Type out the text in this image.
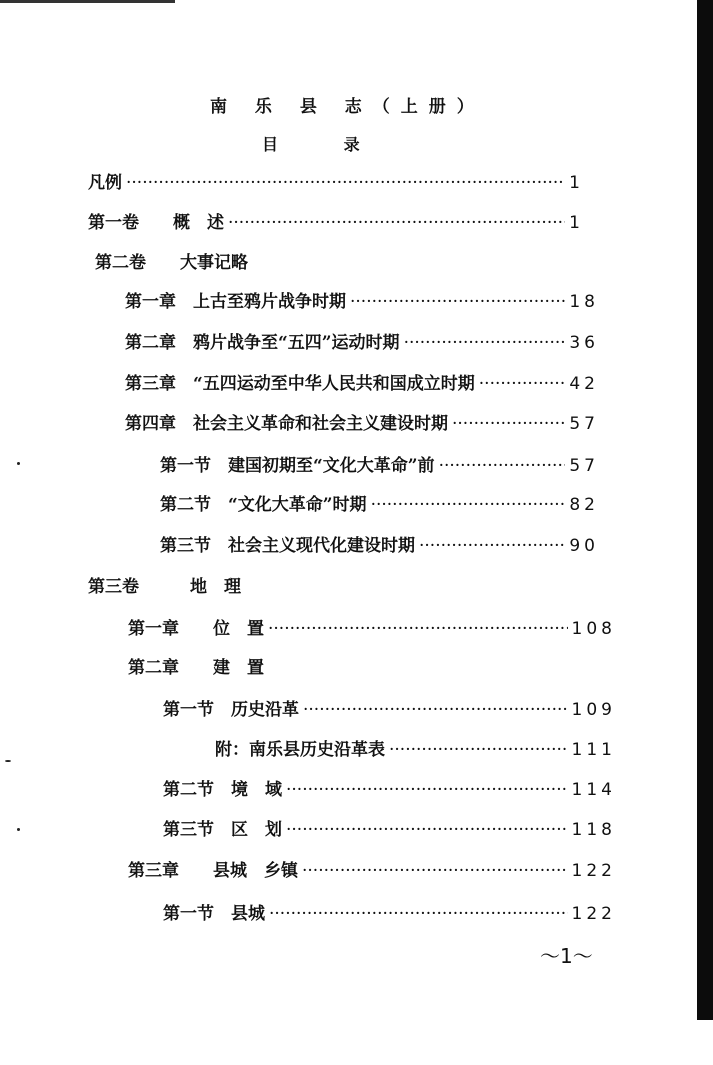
南 乐 县 志（上册）
目 录
凡例 ·····	1
第一卷　　概　述 ·····	1
第二卷　　大事记略
第一章　上古至鸦片战争时期 ·····	18
第二章　鸦片战争至“五四”运动时期 ·····	36
第三章　“五四运动至中华人民共和国成立时期 ·····	42
第四章　社会主义革命和社会主义建设时期 ·····	57
第一节　建国初期至“文化大革命”前 ·····	57
第二节　“文化大革命”时期 ·····	82
第三节　社会主义现代化建设时期 ·····	90
第三卷　　　地　理
第一章　　位　置 ·····	108
第二章　　建　置
第一节　历史沿革 ·····	109
附：南乐县历史沿革表 ·····	111
第二节　境　域 ·····	114
第三节　区　划 ·····	118
第三章　　县城　乡镇 ·····	122
第一节　县城 ·····	122
～1～
